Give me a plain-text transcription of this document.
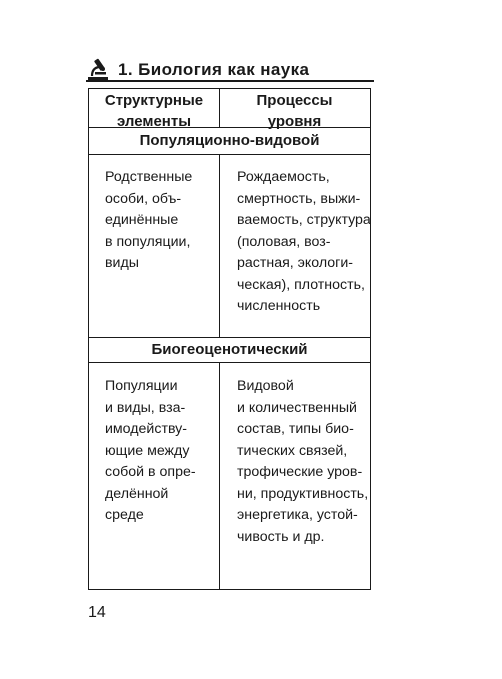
1. Биология как наука
Структурные
элементы
Процессы
уровня
Популяционно-видовой
Родственные
особи, объ-
единённые
в популяции,
виды
Рождаемость,
смертность, выжи-
ваемость, структура
(половая, воз-
растная, экологи-
ческая), плотность,
численность
Биогеоценотический
Популяции
и виды, вза-
имодейству-
ющие между
собой в опре-
делённой
среде
Видовой
и количественный
состав, типы био-
тических связей,
трофические уров-
ни, продуктивность,
энергетика, устой-
чивость и др.
14
